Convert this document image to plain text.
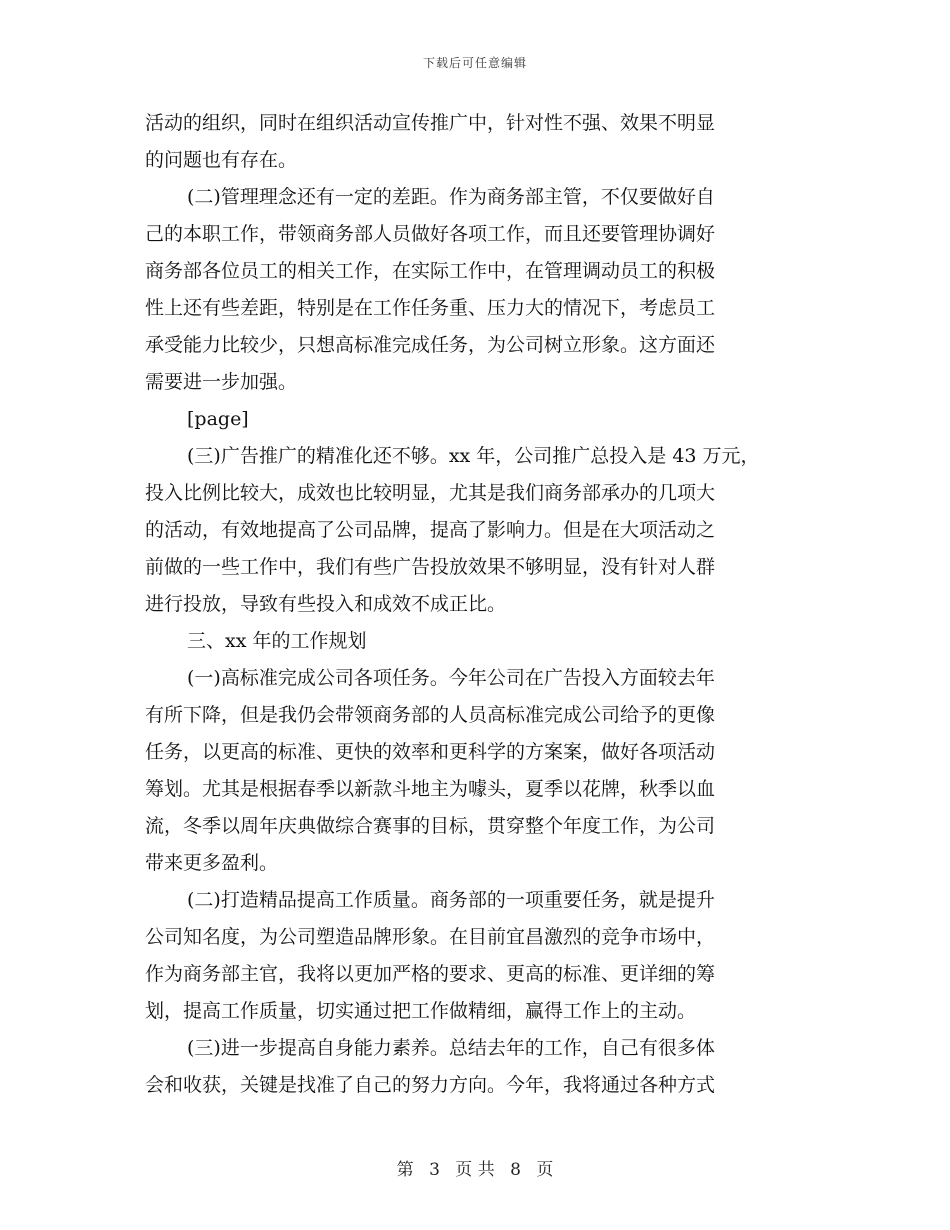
下载后可任意编辑
活动的组织，同时在组织活动宣传推广中，针对性不强、效果不明显
的问题也有存在。
(二)管理理念还有一定的差距。作为商务部主管，不仅要做好自
己的本职工作，带领商务部人员做好各项工作，而且还要管理协调好
商务部各位员工的相关工作，在实际工作中，在管理调动员工的积极
性上还有些差距，特别是在工作任务重、压力大的情况下，考虑员工
承受能力比较少，只想高标准完成任务，为公司树立形象。这方面还
需要进一步加强。
[page]
(三)广告推广的精准化还不够。xx 年，公司推广总投入是 43 万元，
投入比例比较大，成效也比较明显，尤其是我们商务部承办的几项大
的活动，有效地提高了公司品牌，提高了影响力。但是在大项活动之
前做的一些工作中，我们有些广告投放效果不够明显，没有针对人群
进行投放，导致有些投入和成效不成正比。
三、xx 年的工作规划
(一)高标准完成公司各项任务。今年公司在广告投入方面较去年
有所下降，但是我仍会带领商务部的人员高标准完成公司给予的更像
任务，以更高的标准、更快的效率和更科学的方案案，做好各项活动
筹划。尤其是根据春季以新款斗地主为噱头，夏季以花牌，秋季以血
流，冬季以周年庆典做综合赛事的目标，贯穿整个年度工作，为公司
带来更多盈利。
(二)打造精品提高工作质量。商务部的一项重要任务，就是提升
公司知名度，为公司塑造品牌形象。在目前宜昌激烈的竞争市场中，
作为商务部主官，我将以更加严格的要求、更高的标准、更详细的筹
划，提高工作质量，切实通过把工作做精细，赢得工作上的主动。
(三)进一步提高自身能力素养。总结去年的工作，自己有很多体
会和收获，关键是找准了自己的努力方向。今年，我将通过各种方式
第 3 页 共 8 页
